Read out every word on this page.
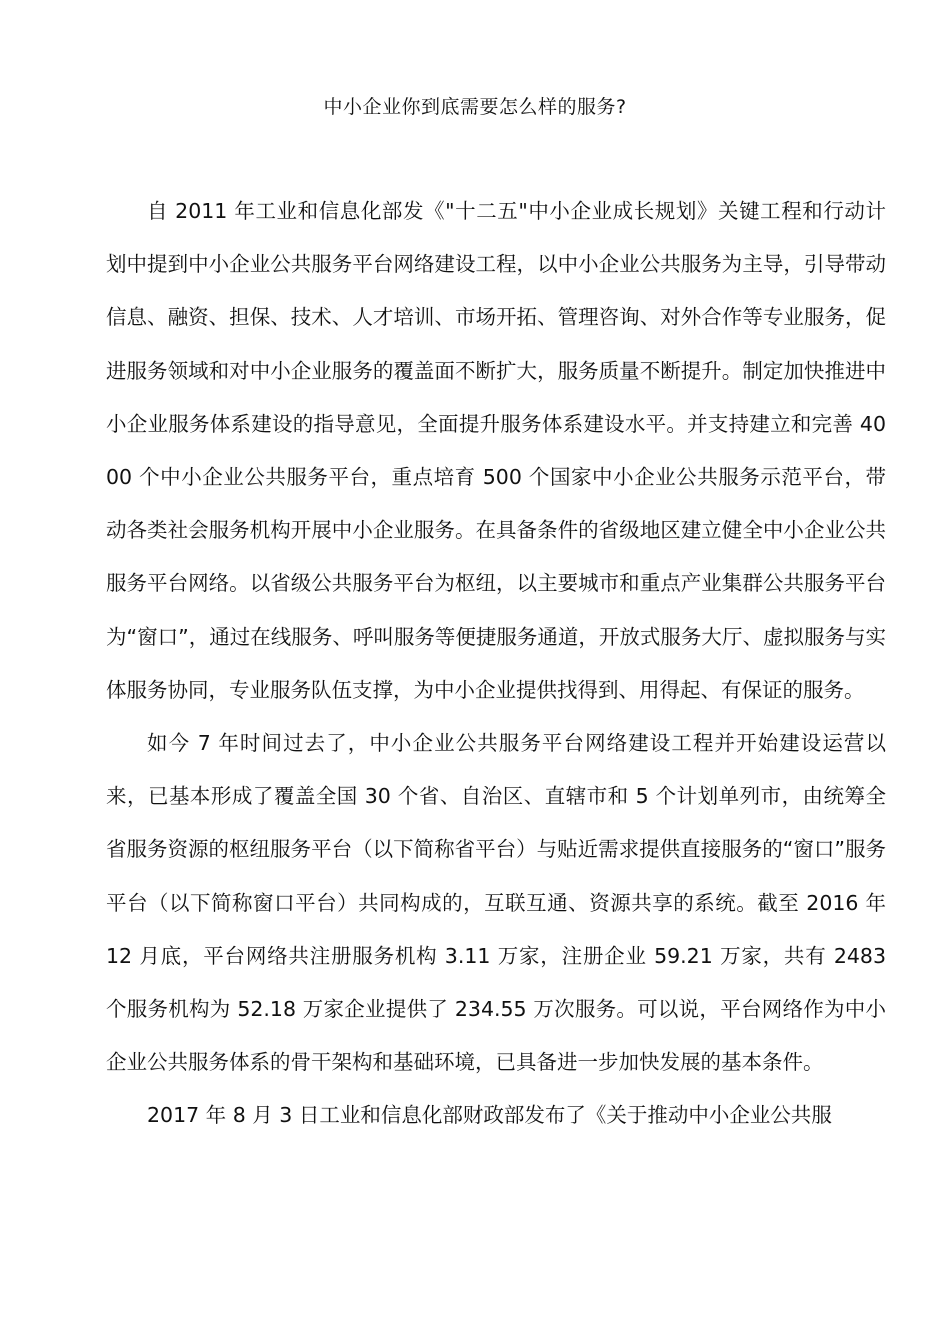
中小企业你到底需要怎么样的服务?

自 2011 年工业和信息化部发《"十二五"中小企业成长规划》关键工程和行动计划中提到中小企业公共服务平台网络建设工程，以中小企业公共服务为主导，引导带动信息、融资、担保、技术、人才培训、市场开拓、管理咨询、对外合作等专业服务，促进服务领域和对中小企业服务的覆盖面不断扩大，服务质量不断提升。制定加快推进中小企业服务体系建设的指导意见，全面提升服务体系建设水平。并支持建立和完善 4000 个中小企业公共服务平台，重点培育 500 个国家中小企业公共服务示范平台，带动各类社会服务机构开展中小企业服务。在具备条件的省级地区建立健全中小企业公共服务平台网络。以省级公共服务平台为枢纽，以主要城市和重点产业集群公共服务平台为“窗口”，通过在线服务、呼叫服务等便捷服务通道，开放式服务大厅、虚拟服务与实体服务协同，专业服务队伍支撑，为中小企业提供找得到、用得起、有保证的服务。

如今 7 年时间过去了，中小企业公共服务平台网络建设工程并开始建设运营以来，已基本形成了覆盖全国 30 个省、自治区、直辖市和 5 个计划单列市，由统筹全省服务资源的枢纽服务平台（以下简称省平台）与贴近需求提供直接服务的“窗口”服务平台（以下简称窗口平台）共同构成的，互联互通、资源共享的系统。截至 2016 年 12 月底，平台网络共注册服务机构 3.11 万家，注册企业 59.21 万家，共有 2483 个服务机构为 52.18 万家企业提供了 234.55 万次服务。可以说，平台网络作为中小企业公共服务体系的骨干架构和基础环境，已具备进一步加快发展的基本条件。

2017 年 8 月 3 日工业和信息化部财政部发布了《关于推动中小企业公共服
